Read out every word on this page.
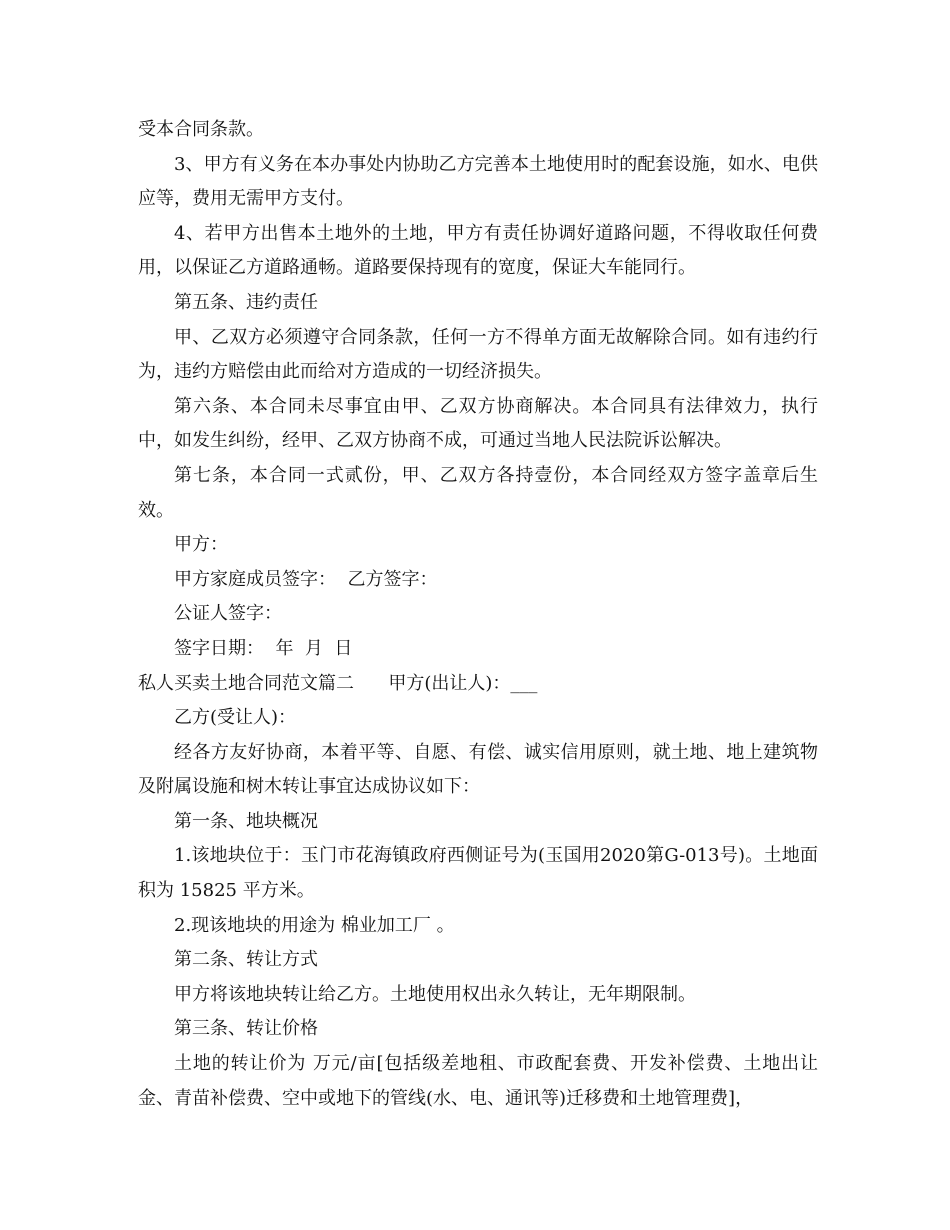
受本合同条款。

3、甲方有义务在本办事处内协助乙方完善本土地使用时的配套设施，如水、电供应等，费用无需甲方支付。

4、若甲方出售本土地外的土地，甲方有责任协调好道路问题，不得收取任何费用，以保证乙方道路通畅。道路要保持现有的宽度，保证大车能同行。

第五条、违约责任

甲、乙双方必须遵守合同条款，任何一方不得单方面无故解除合同。如有违约行为，违约方赔偿由此而给对方造成的一切经济损失。

第六条、本合同未尽事宜由甲、乙双方协商解决。本合同具有法律效力，执行中，如发生纠纷，经甲、乙双方协商不成，可通过当地人民法院诉讼解决。

第七条，本合同一式贰份，甲、乙双方各持壹份，本合同经双方签字盖章后生效。

甲方：

甲方家庭成员签字：  乙方签字：

公证人签字：

签字日期：  年  月  日

私人买卖土地合同范文篇二      甲方(出让人)：___

乙方(受让人)：

经各方友好协商，本着平等、自愿、有偿、诚实信用原则，就土地、地上建筑物及附属设施和树木转让事宜达成协议如下：

第一条、地块概况

1.该地块位于：玉门市花海镇政府西侧证号为(玉国用2020第G-013号)。土地面积为 15825 平方米。

2.现该地块的用途为 棉业加工厂 。

第二条、转让方式

甲方将该地块转让给乙方。土地使用权出永久转让，无年期限制。

第三条、转让价格

土地的转让价为 万元/亩[包括级差地租、市政配套费、开发补偿费、土地出让金、青苗补偿费、空中或地下的管线(水、电、通讯等)迁移费和土地管理费]，
